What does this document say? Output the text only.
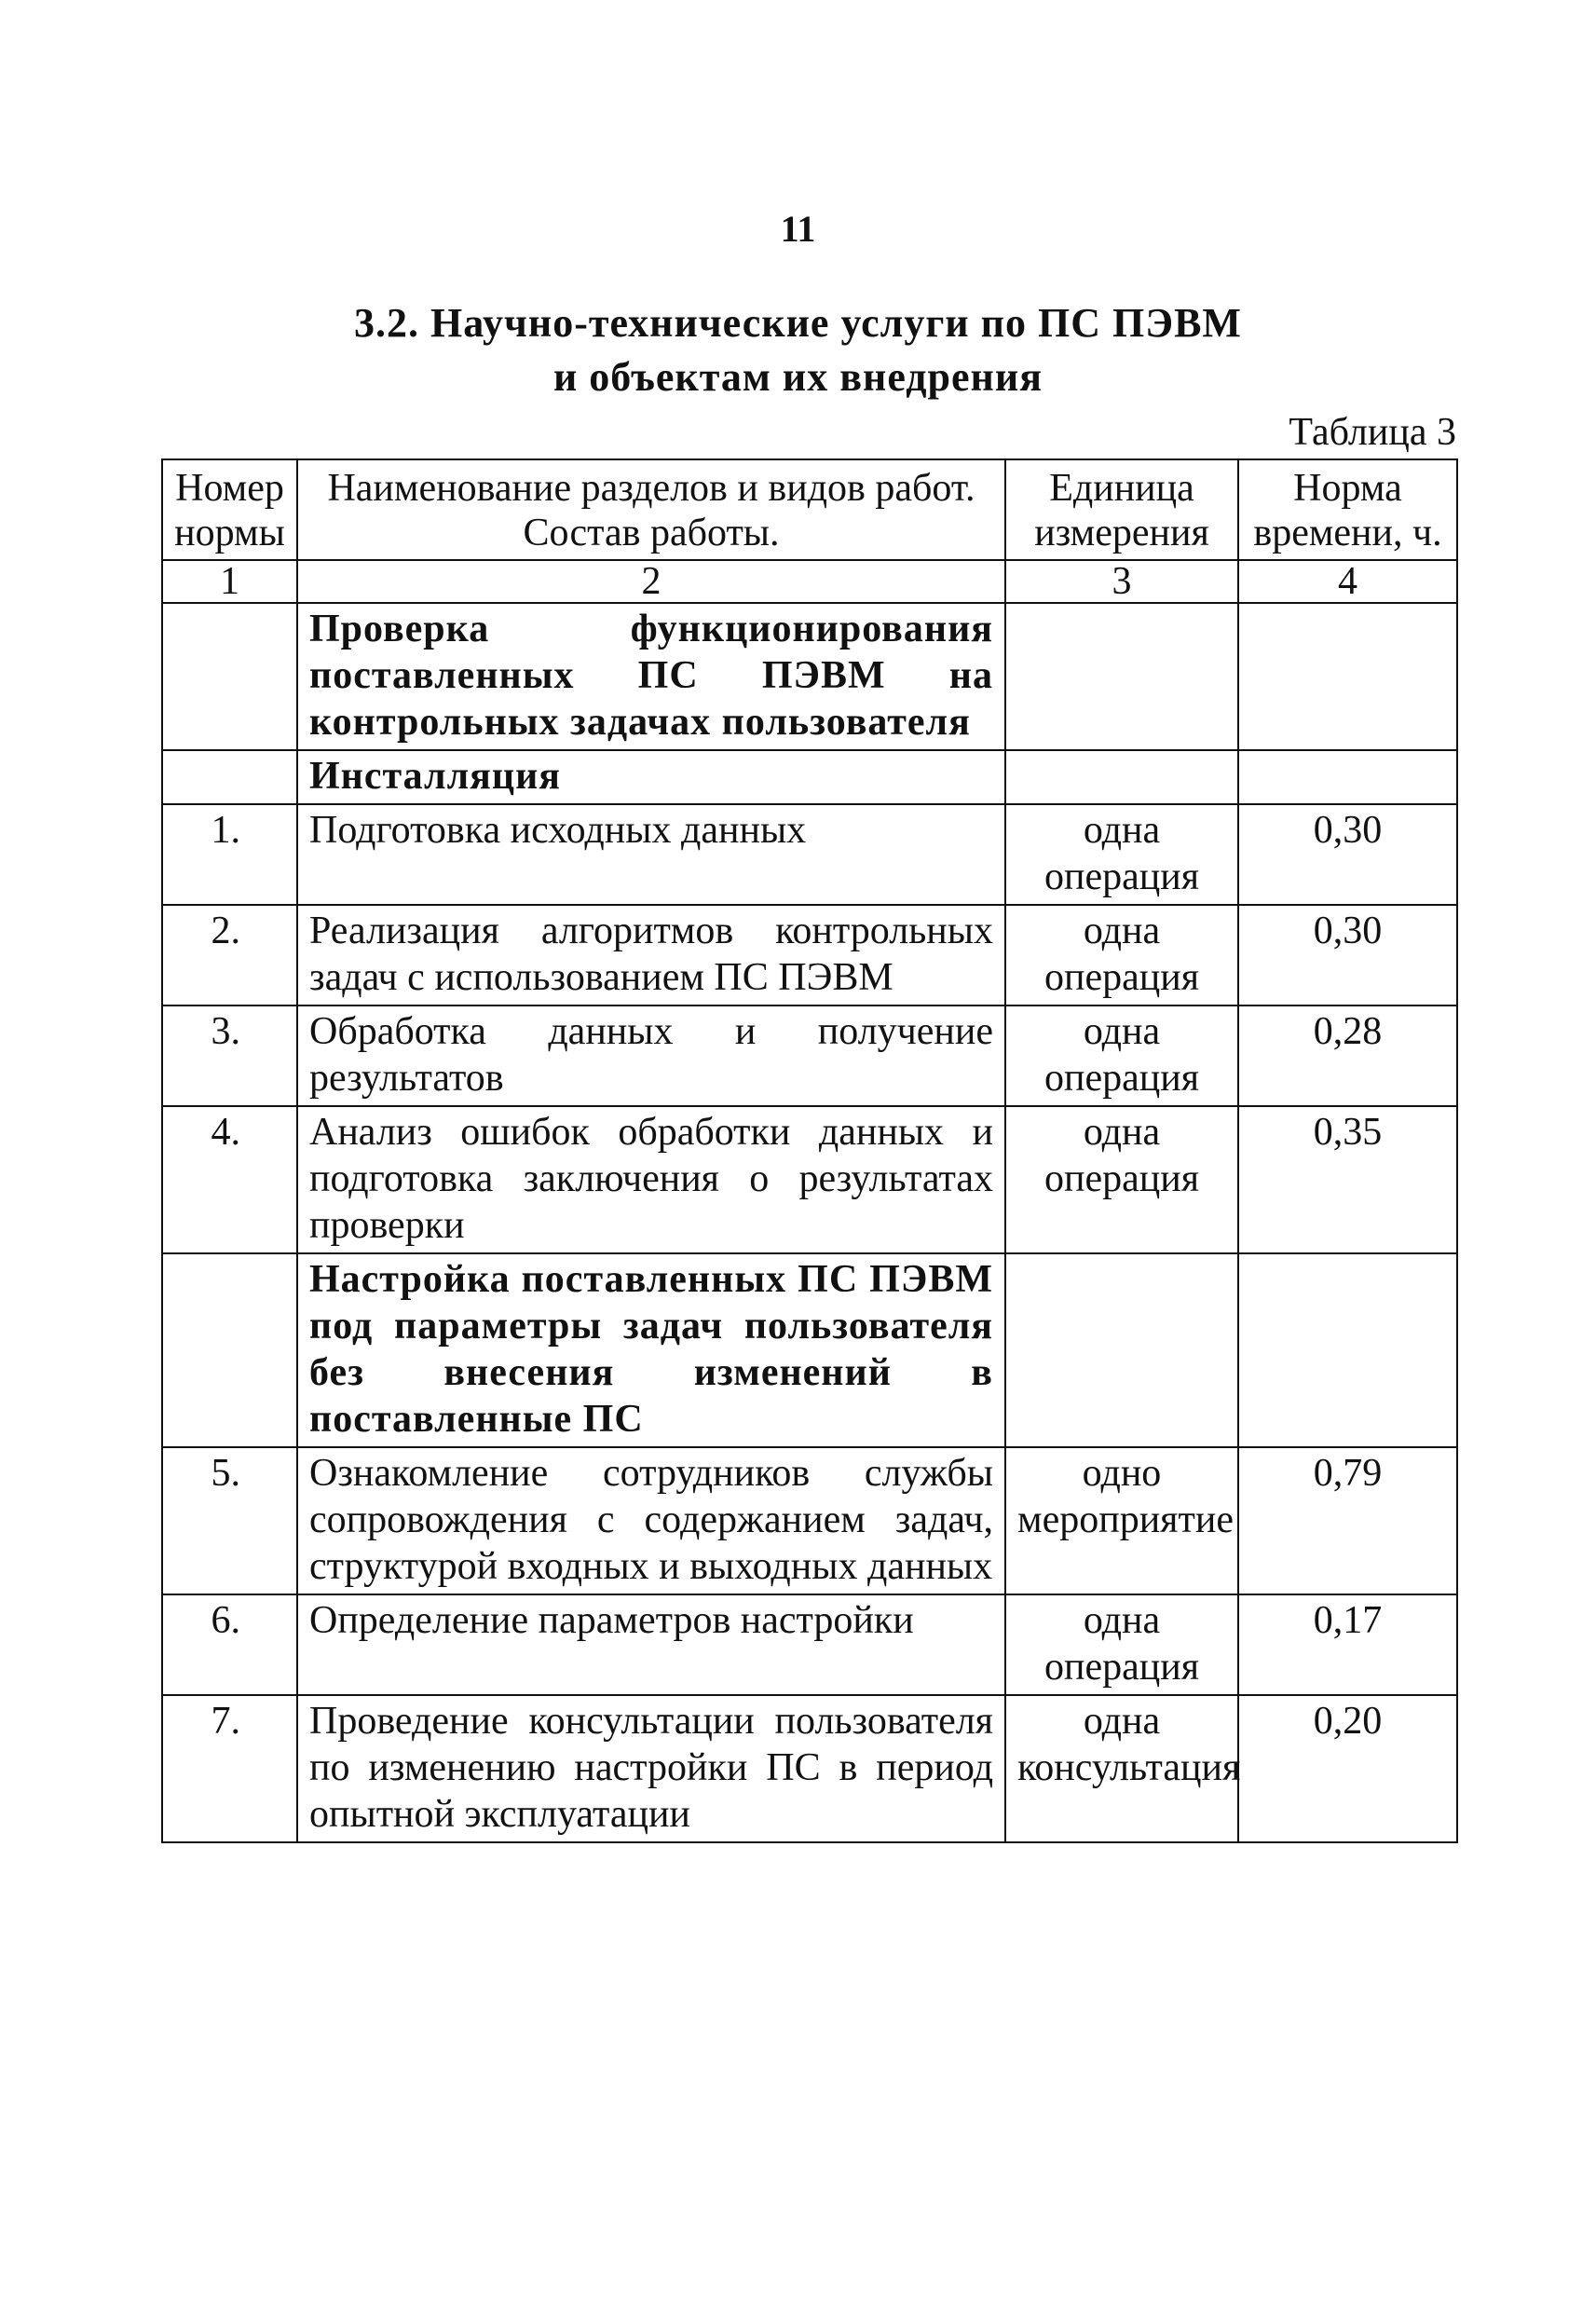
11
3.2. Научно-технические услуги по ПС ПЭВМ
и объектам их внедрения
Таблица 3
Номер нормы	Наименование разделов и видов работ. Состав работы.	Единица измерения	Норма времени, ч.
1	2	3	4
	Проверка функционирования поставленных ПС ПЭВМ на контрольных задачах пользователя		
	Инсталляция		
1.	Подготовка исходных данных	одна операция	0,30
2.	Реализация алгоритмов контрольных задач с использованием ПС ПЭВМ	одна операция	0,30
3.	Обработка данных и получение результатов	одна операция	0,28
4.	Анализ ошибок обработки данных и подготовка заключения о результатах проверки	одна операция	0,35
	Настройка поставленных ПС ПЭВМ под параметры задач пользователя без внесения изменений в поставленные ПС		
5.	Ознакомление сотрудников службы сопровождения с содержанием задач, структурой входных и выходных данных	одно мероприятие	0,79
6.	Определение параметров настройки	одна операция	0,17
7.	Проведение консультации пользователя по изменению настройки ПС в период опытной эксплуатации	одна консультация	0,20
